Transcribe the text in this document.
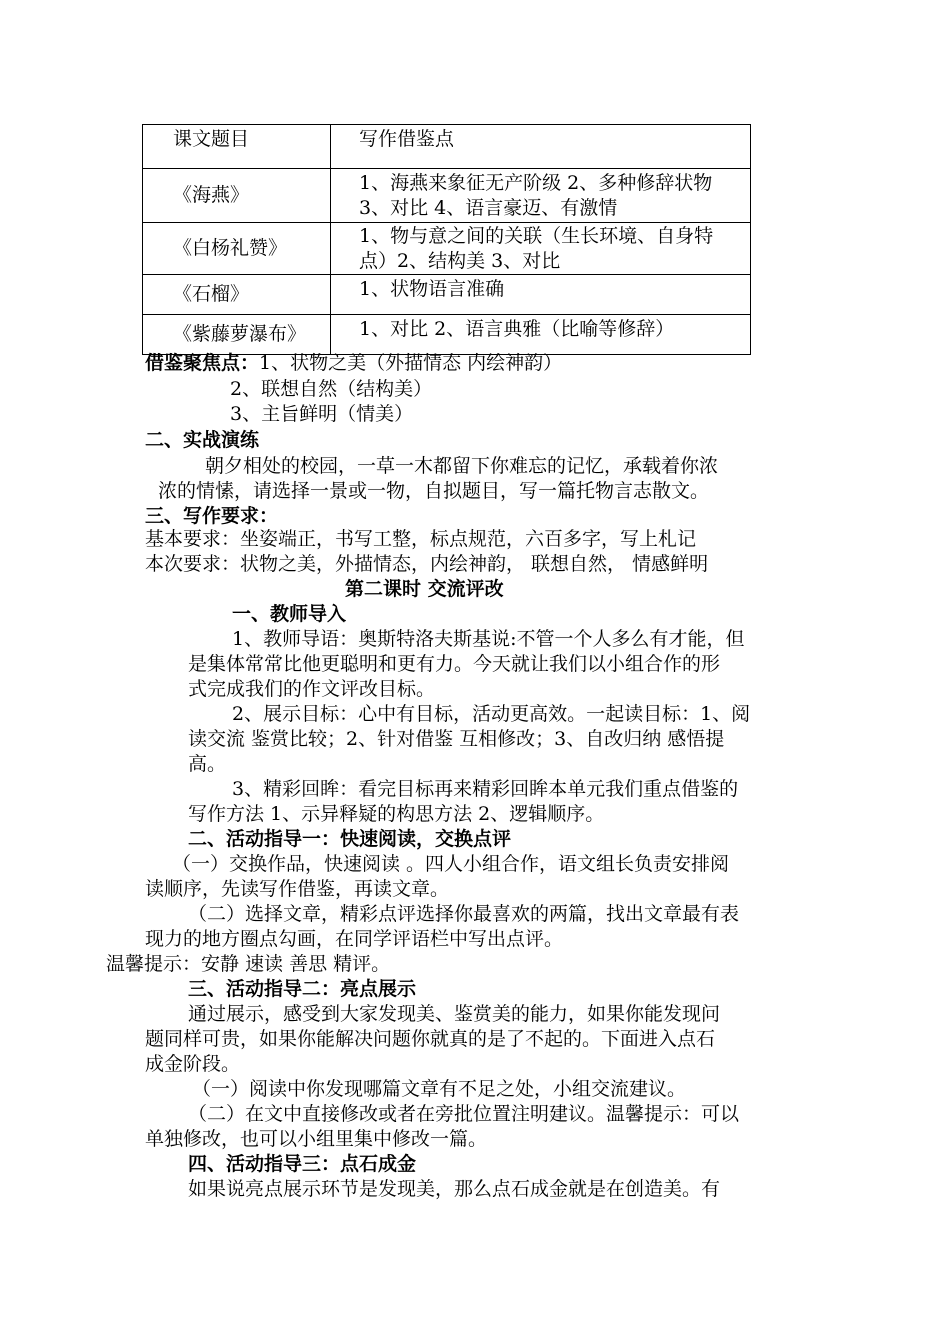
课文题目	写作借鉴点
《海燕》	1、海燕来象征无产阶级 2、多种修辞状物
3、对比 4、语言豪迈、有激情

《白杨礼赞》	1、物与意之间的关联（生长环境、自身特
点）2、结构美 3、对比

《石榴》	1、状物语言准确
《紫藤萝瀑布》	1、对比 2、语言典雅（比喻等修辞）
借鉴聚焦点：1、状物之美（外描情态 内绘神韵）
2、联想自然（结构美）
3、主旨鲜明（情美）
二、实战演练
朝夕相处的校园，一草一木都留下你难忘的记忆，承载着你浓
浓的情愫，请选择一景或一物，自拟题目，写一篇托物言志散文。
三、写作要求：
基本要求：坐姿端正，书写工整，标点规范，六百多字，写上札记
本次要求：状物之美，外描情态，内绘神韵， 联想自然， 情感鲜明
第二课时 交流评改
一、教师导入
1、教师导语：奥斯特洛夫斯基说:不管一个人多么有才能，但
是集体常常比他更聪明和更有力。今天就让我们以小组合作的形
式完成我们的作文评改目标。
2、展示目标：心中有目标，活动更高效。一起读目标：1、阅
读交流 鉴赏比较；2、针对借鉴 互相修改；3、自改归纳 感悟提
高。
3、精彩回眸：看完目标再来精彩回眸本单元我们重点借鉴的
写作方法 1、示异释疑的构思方法 2、逻辑顺序。
二、活动指导一：快速阅读，交换点评
（一）交换作品，快速阅读 。四人小组合作，语文组长负责安排阅
读顺序，先读写作借鉴，再读文章。
（二）选择文章，精彩点评选择你最喜欢的两篇，找出文章最有表
现力的地方圈点勾画，在同学评语栏中写出点评。
温馨提示：安静 速读 善思 精评。
三、活动指导二：亮点展示
通过展示，感受到大家发现美、鉴赏美的能力，如果你能发现问
题同样可贵，如果你能解决问题你就真的是了不起的。下面进入点石
成金阶段。
（一）阅读中你发现哪篇文章有不足之处，小组交流建议。
（二）在文中直接修改或者在旁批位置注明建议。温馨提示：可以
单独修改，也可以小组里集中修改一篇。
四、活动指导三：点石成金
如果说亮点展示环节是发现美，那么点石成金就是在创造美。有
